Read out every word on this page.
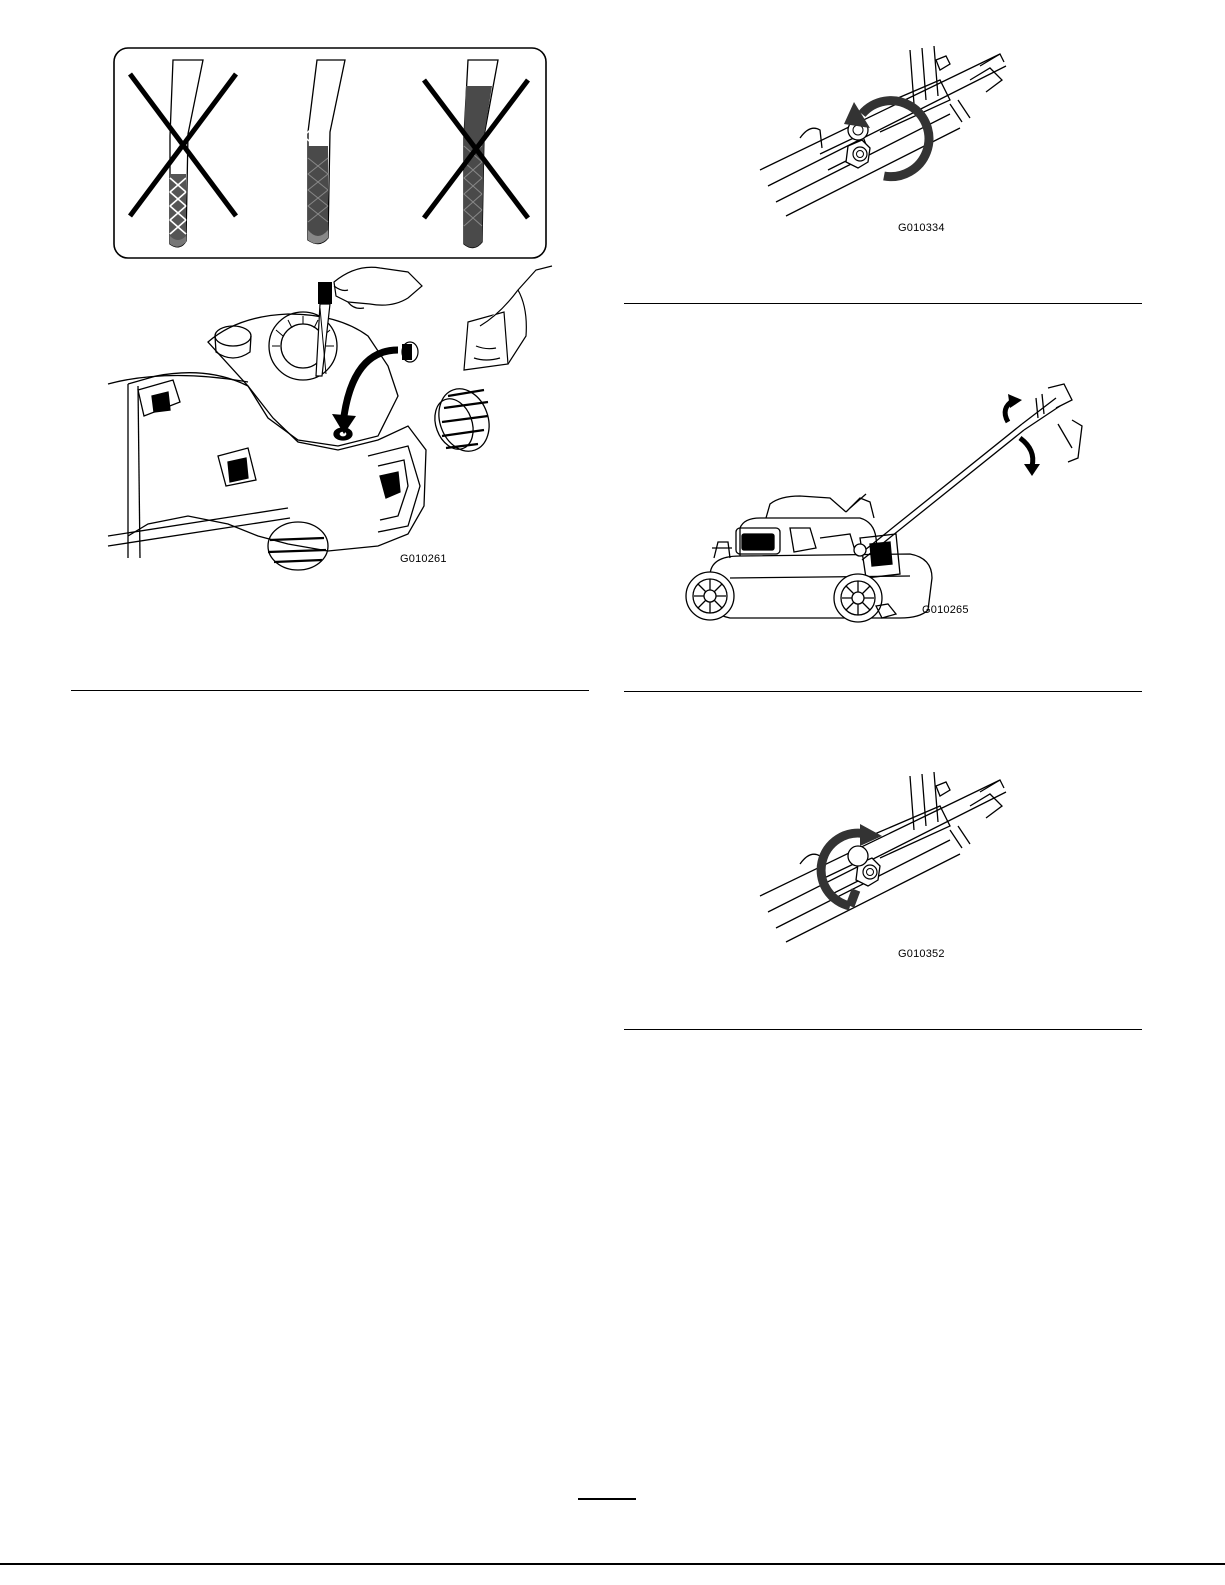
G010261
G010334
G010265
G010352
